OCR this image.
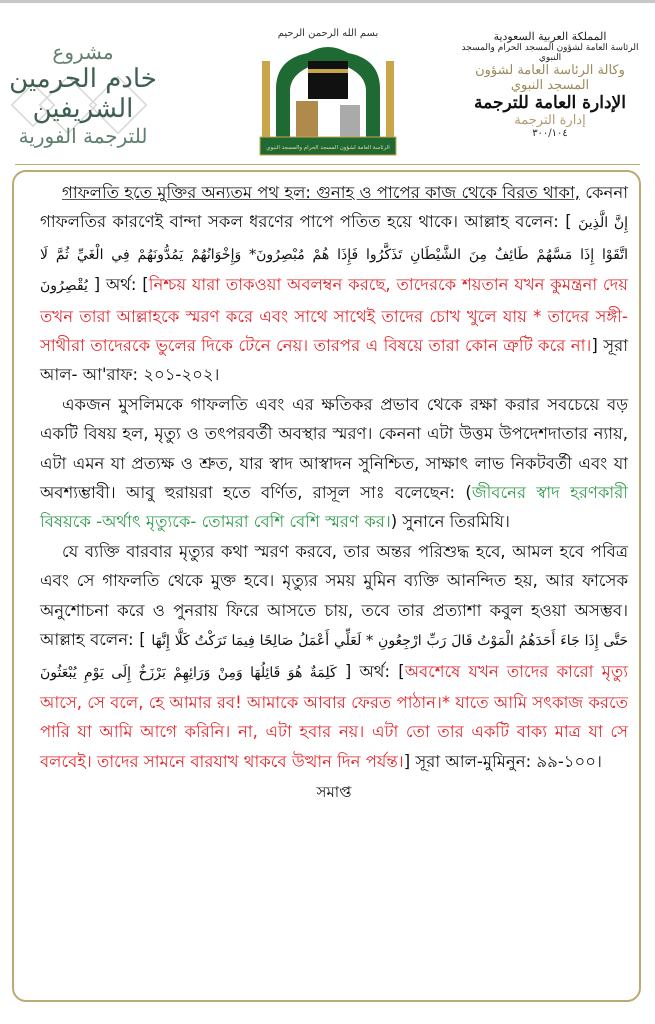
مشروع
خادم الحرمين الشريفين
للترجمة الفورية
بسم الله الرحمن الرحيم
الرئاسة العامة لشؤون المسجد الحرام والمسجد النبوي
المملكة العربية السعودية
الرئاسة العامة لشؤون المسجد الحرام والمسجد النبوي
وكالة الرئاسة العامة لشؤون المسجد النبوي
الإدارة العامة للترجمة
إدارة الترجمة
٣٠٠/١٠٤

গাফলতি হতে মুক্তির অন্যতম পথ হল: গুনাহ ও পাপের কাজ থেকে বিরত থাকা, কেননা গাফলতির কারণেই বান্দা সকল ধরণের পাপে পতিত হয়ে থাকে। আল্লাহ বলেন: [ إِنَّ الَّذِينَ اتَّقَوْا إِذَا مَسَّهُمْ طَائِفٌ مِنَ الشَّيْطَانِ تَذَكَّرُوا فَإِذَا هُمْ مُبْصِرُونَ* وَإِخْوَانُهُمْ يَمُدُّونَهُمْ فِي الْغَيِّ ثُمَّ لَا يُقْصِرُونَ ] অর্থ: [নিশ্চয় যারা তাকওয়া অবলম্বন করছে, তাদেরকে শয়তান যখন কুমন্ত্রনা দেয় তখন তারা আল্লাহকে স্মরণ করে এবং সাথে সাথেই তাদের চোখ খুলে যায় * তাদের সঙ্গী-সাথীরা তাদেরকে ভুলের দিকে টেনে নেয়। তারপর এ বিষয়ে তারা কোন ত্রুটি করে না।] সূরা আল- আ'রাফ: ২০১-২০২।

একজন মুসলিমকে গাফলতি এবং এর ক্ষতিকর প্রভাব থেকে রক্ষা করার সবচেয়ে বড় একটি বিষয় হল, মৃত্যু ও তৎপরবর্তী অবস্থার স্মরণ। কেননা এটা উত্তম উপদেশদাতার ন্যায়, এটা এমন যা প্রত্যক্ষ ও শ্রুত, যার স্বাদ আস্বাদন সুনিশ্চিত, সাক্ষাৎ লাভ নিকটবর্তী এবং যা অবশ্যম্ভাবী। আবু হুরায়রা হতে বর্ণিত, রাসূল সাঃ বলেছেন: (জীবনের স্বাদ হরণকারী বিষয়কে -অর্থাৎ মৃত্যুকে- তোমরা বেশি বেশি স্মরণ কর।) সুনানে তিরমিযি।

যে ব্যক্তি বারবার মৃত্যুর কথা স্মরণ করবে, তার অন্তর পরিশুদ্ধ হবে, আমল হবে পবিত্র এবং সে গাফলতি থেকে মুক্ত হবে। মৃত্যুর সময় মুমিন ব্যক্তি আনন্দিত হয়, আর ফাসেক অনুশোচনা করে ও পুনরায় ফিরে আসতে চায়, তবে তার প্রত্যাশা কবুল হওয়া অসম্ভব। আল্লাহ বলেন: [ حَتَّى إِذَا جَاءَ أَحَدَهُمُ الْمَوْتُ قَالَ رَبِّ ارْجِعُونِ * لَعَلِّي أَعْمَلُ صَالِحًا فِيمَا تَرَكْتُ كَلَّا إِنَّهَا كَلِمَةٌ هُوَ قَائِلُهَا وَمِنْ وَرَائِهِمْ بَرْزَخٌ إِلَى يَوْمِ يُبْعَثُونَ ] অর্থ: [অবশেষে যখন তাদের কারো মৃত্যু আসে, সে বলে, হে আমার রব! আমাকে আবার ফেরত পাঠান।* যাতে আমি সৎকাজ করতে পারি যা আমি আগে করিনি। না, এটা হবার নয়। এটা তো তার একটি বাক্য মাত্র যা সে বলবেই। তাদের সামনে বারযাখ থাকবে উত্থান দিন পর্যন্ত।] সূরা আল-মুমিনুন: ৯৯-১০০।

সমাপ্ত
